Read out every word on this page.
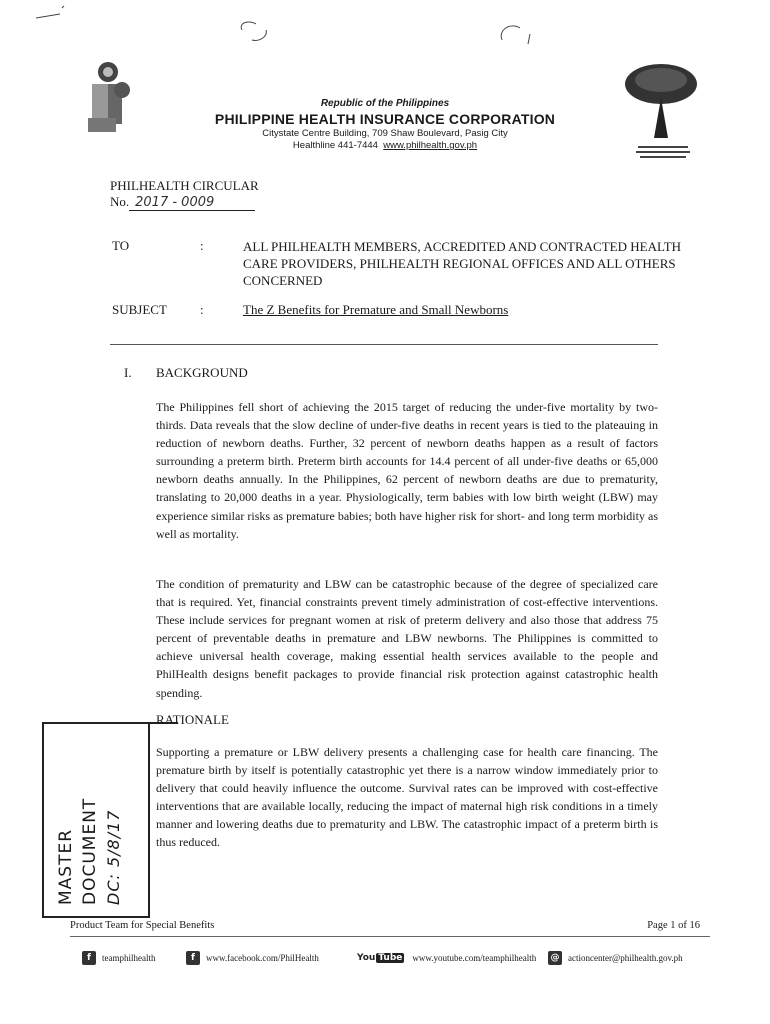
Republic of the Philippines
PHILIPPINE HEALTH INSURANCE CORPORATION
Citystate Centre Building, 709 Shaw Boulevard, Pasig City
Healthline 441-7444 www.philhealth.gov.ph
PHILHEALTH CIRCULAR
No. 2017 - 0009
TO	:	ALL PHILHEALTH MEMBERS, ACCREDITED AND CONTRACTED HEALTH CARE PROVIDERS, PHILHEALTH REGIONAL OFFICES AND ALL OTHERS CONCERNED
SUBJECT	:	The Z Benefits for Premature and Small Newborns
I. BACKGROUND
The Philippines fell short of achieving the 2015 target of reducing the under-five mortality by two-thirds. Data reveals that the slow decline of under-five deaths in recent years is tied to the plateauing in reduction of newborn deaths. Further, 32 percent of newborn deaths happen as a result of factors surrounding a preterm birth. Preterm birth accounts for 14.4 percent of all under-five deaths or 65,000 newborn deaths annually. In the Philippines, 62 percent of newborn deaths are due to prematurity, translating to 20,000 deaths in a year. Physiologically, term babies with low birth weight (LBW) may experience similar risks as premature babies; both have higher risk for short- and long term morbidity as well as mortality.
The condition of prematurity and LBW can be catastrophic because of the degree of specialized care that is required. Yet, financial constraints prevent timely administration of cost-effective interventions. These include services for pregnant women at risk of preterm delivery and also those that address 75 percent of preventable deaths in premature and LBW newborns. The Philippines is committed to achieve universal health coverage, making essential health services available to the people and PhilHealth designs benefit packages to provide financial risk protection against catastrophic health spending.
MASTER DOCUMENT DC: 5/8/17
RATIONALE
Supporting a premature or LBW delivery presents a challenging case for health care financing. The premature birth by itself is potentially catastrophic yet there is a narrow window immediately prior to delivery that could heavily influence the outcome. Survival rates can be improved with cost-effective interventions that are available locally, reducing the impact of maternal high risk conditions in a timely manner and lowering deaths due to prematurity and LBW. The catastrophic impact of a preterm birth is thus reduced.
Product Team for Special Benefits	Page 1 of 16
f	teamphilhealth	f	www.facebook.com/PhilHealth	You Tube www.youtube.com/teamphilhealth @ actioncenter@philhealth.gov.ph
